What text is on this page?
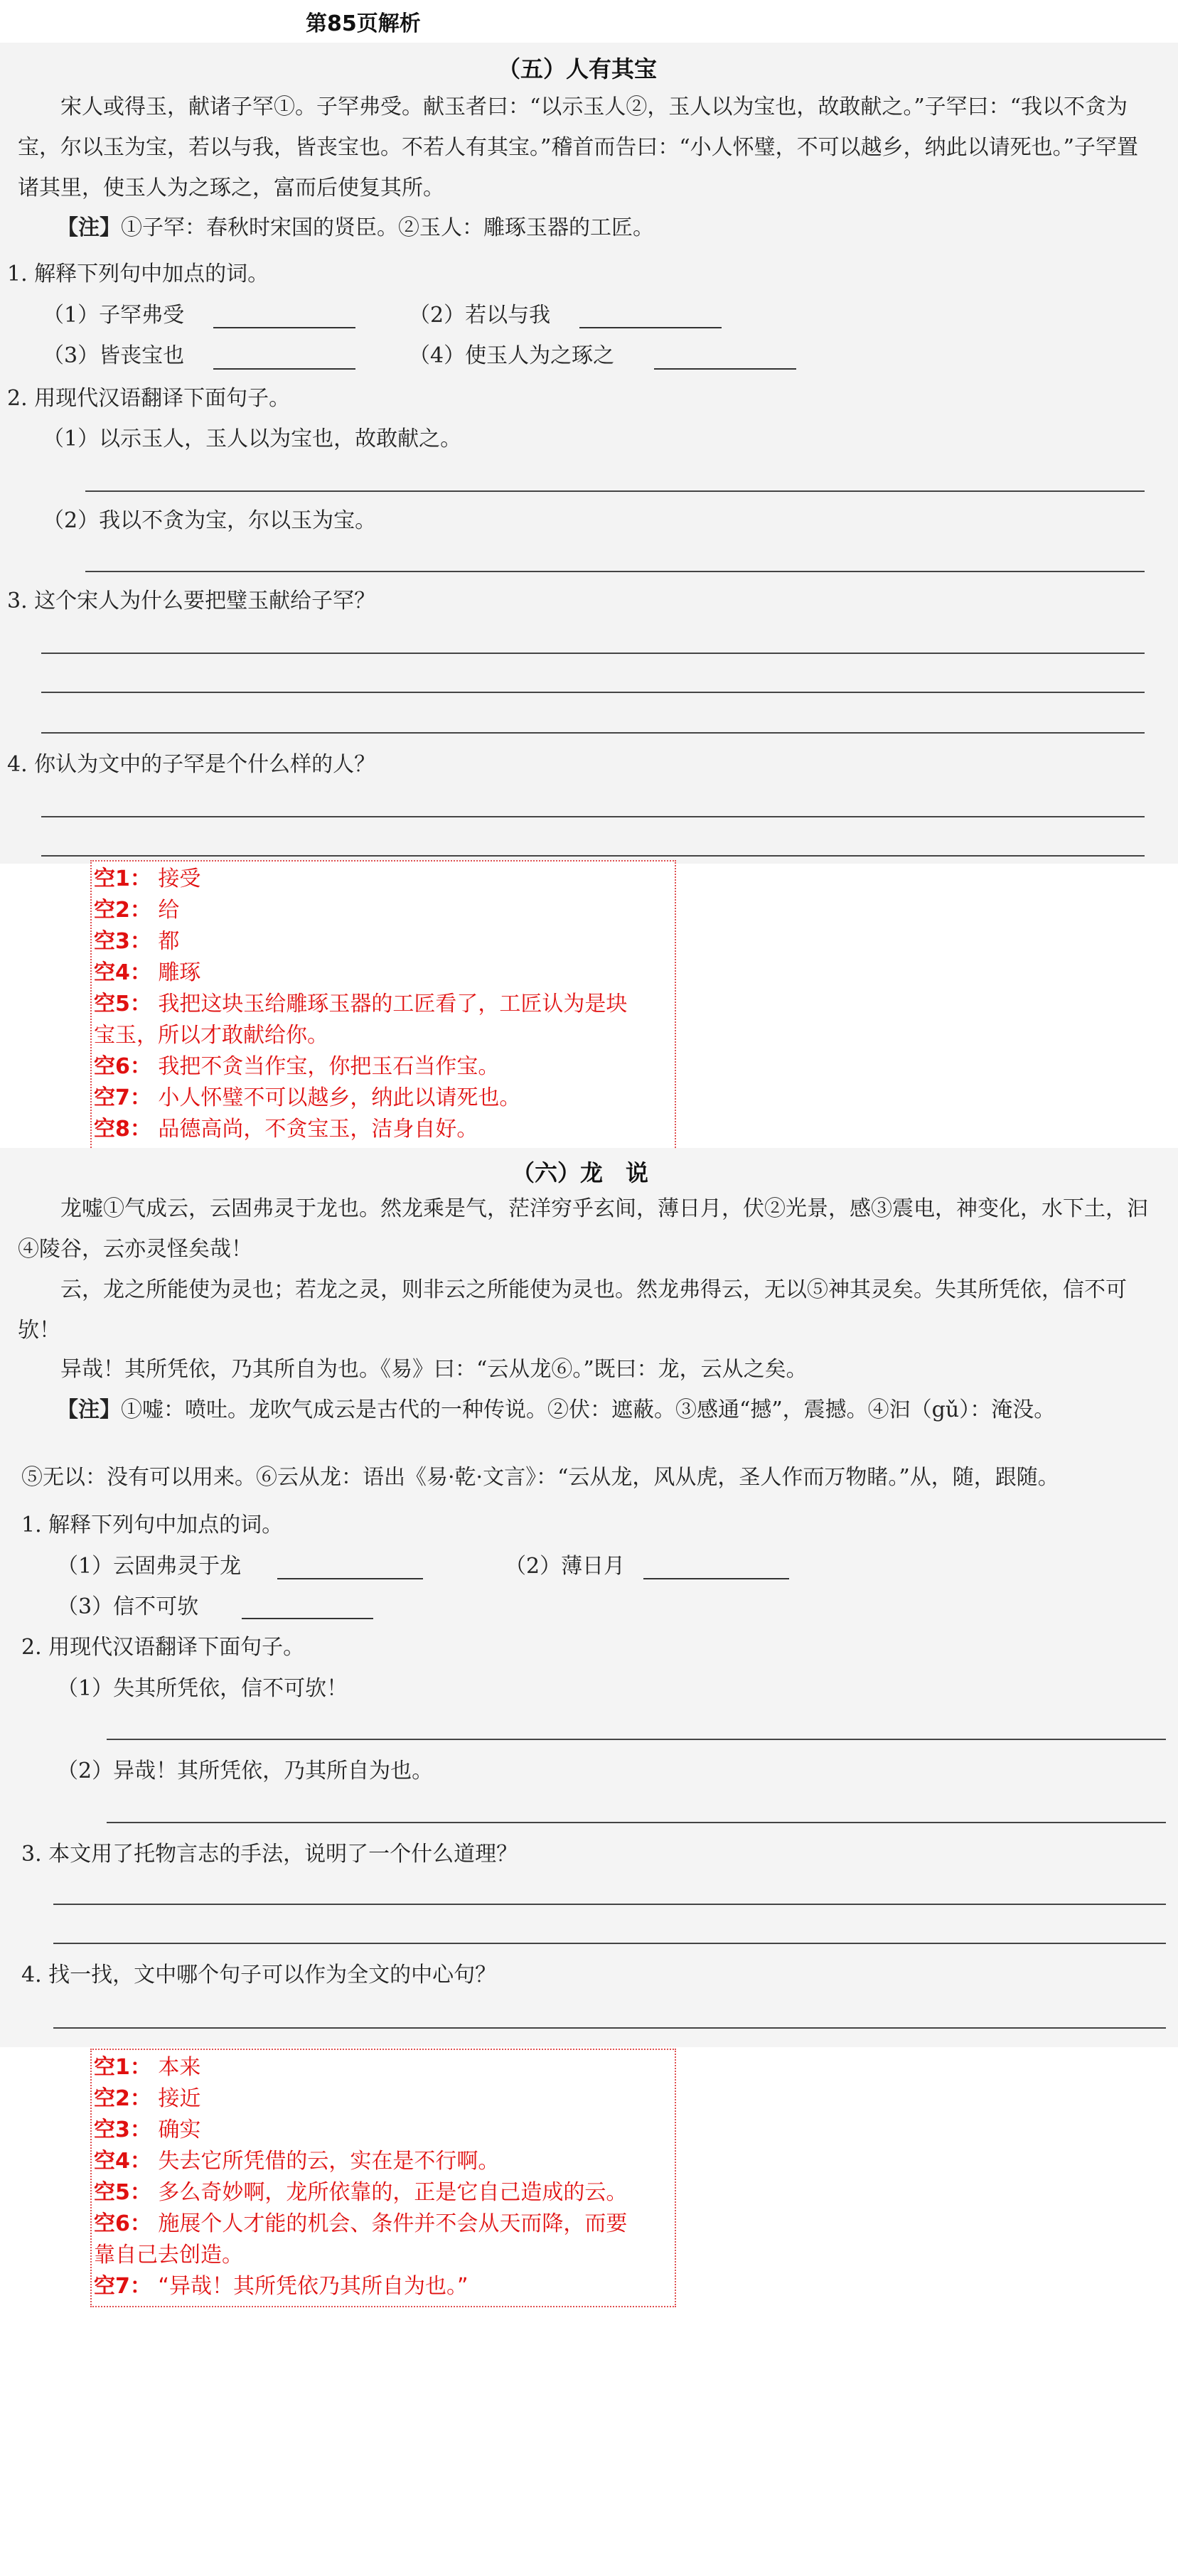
第85页解析
（五）人有其宝
宋人或得玉，献诸子罕①。子罕弗受。献玉者曰：“以示玉人②，玉人以为宝也，故敢献之。”子罕曰：“我以不贪为宝，尔以玉为宝，若以与我，皆丧宝也。不若人有其宝。”稽首而告曰：“小人怀璧，不可以越乡，纳此以请死也。”子罕置诸其里，使玉人为之琢之，富而后使复其所。
【注】①子罕：春秋时宋国的贤臣。②玉人：雕琢玉器的工匠。
1. 解释下列句中加点的词。
（1）子罕弗受	（2）若以与我
（3）皆丧宝也	（4）使玉人为之琢之
2. 用现代汉语翻译下面句子。
（1）以示玉人，玉人以为宝也，故敢献之。
（2）我以不贪为宝，尔以玉为宝。
3. 这个宋人为什么要把璧玉献给子罕？
4. 你认为文中的子罕是个什么样的人？
空1： 接受
空2： 给
空3： 都
空4： 雕琢
空5： 我把这块玉给雕琢玉器的工匠看了，工匠认为是块
宝玉，所以才敢献给你。
空6： 我把不贪当作宝，你把玉石当作宝。
空7： 小人怀璧不可以越乡，纳此以请死也。
空8： 品德高尚，不贪宝玉，洁身自好。
（六）龙　说
龙嘘①气成云，云固弗灵于龙也。然龙乘是气，茫洋穷乎玄间，薄日月，伏②光景，感③震电，神变化，水下土，汩④陵谷，云亦灵怪矣哉！
云，龙之所能使为灵也；若龙之灵，则非云之所能使为灵也。然龙弗得云，无以⑤神其灵矣。失其所凭依，信不可欤！
异哉！其所凭依，乃其所自为也。《易》曰：“云从龙⑥。”既曰：龙，云从之矣。
【注】①嘘：喷吐。龙吹气成云是古代的一种传说。②伏：遮蔽。③感通“撼”，震撼。④汩（gǔ）：淹没。
⑤无以：没有可以用来。⑥云从龙：语出《易·乾·文言》：“云从龙，风从虎，圣人作而万物睹。”从，随，跟随。
1. 解释下列句中加点的词。
（1）云固弗灵于龙	（2）薄日月
（3）信不可欤
2. 用现代汉语翻译下面句子。
（1）失其所凭依，信不可欤！
（2）异哉！其所凭依，乃其所自为也。
3. 本文用了托物言志的手法，说明了一个什么道理？
4. 找一找，文中哪个句子可以作为全文的中心句？
空1： 本来
空2： 接近
空3： 确实
空4： 失去它所凭借的云，实在是不行啊。
空5： 多么奇妙啊，龙所依靠的，正是它自己造成的云。
空6： 施展个人才能的机会、条件并不会从天而降，而要
靠自己去创造。
空7： “异哉！其所凭依乃其所自为也。”
